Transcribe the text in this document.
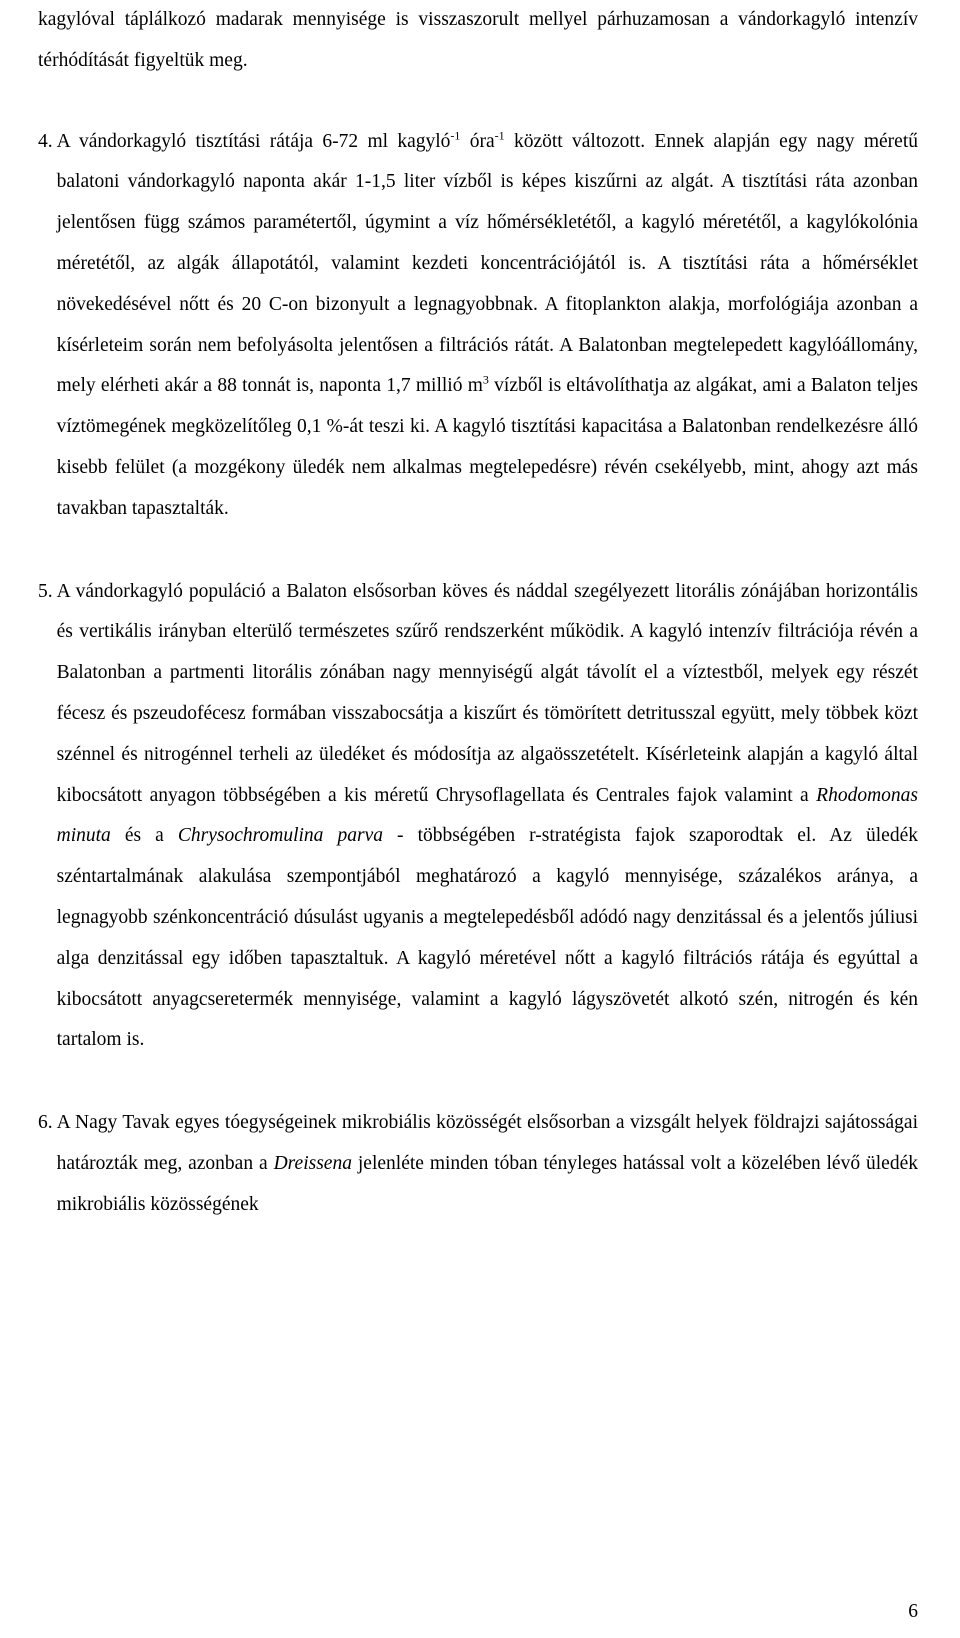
kagylóval táplálkozó madarak mennyisége is visszaszorult mellyel párhuzamosan a vándorkagyló intenzív térhódítását figyeltük meg.

4. A vándorkagyló tisztítási rátája 6-72 ml kagyló$^{-1}$ óra$^{-1}$ között változott. Ennek alapján egy nagy méretű balatoni vándorkagyló naponta akár 1-1,5 liter vízből is képes kiszűrni az algát. A tisztítási ráta azonban jelentősen függ számos paramétertől, úgymint a víz hőmérsékletétől, a kagyló méretétől, a kagylókolónia méretétől, az algák állapotától, valamint kezdeti koncentrációjától is. A tisztítási ráta a hőmérséklet növekedésével nőtt és 20 C-on bizonyult a legnagyobbnak. A fitoplankton alakja, morfológiája azonban a kísérleteim során nem befolyásolta jelentősen a filtrációs rátát. A Balatonban megtelepedett kagylóállomány, mely elérheti akár a 88 tonnát is, naponta 1,7 millió $m^3$ vízből is eltávolíthatja az algákat, ami a Balaton teljes víztömegének megközelítőleg 0,1 %-át teszi ki. A kagyló tisztítási kapacitása a Balatonban rendelkezésre álló kisebb felület (a mozgékony üledék nem alkalmas megtelepedésre) révén csekélyebb, mint, ahogy azt más tavakban tapasztalták.

5. A vándorkagyló populáció a Balaton elsősorban köves és náddal szegélyezett litorális zónájában horizontális és vertikális irányban elterülő természetes szűrő rendszerként működik. A kagyló intenzív filtrációja révén a Balatonban a partmenti litorális zónában nagy mennyiségű algát távolít el a víztestből, melyek egy részét fécesz és pszeudofécesz formában visszabocsátja a kiszűrt és tömörített detritusszal együtt, mely többek közt szénnel és nitrogénnel terheli az üledéket és módosítja az algaösszetételt. Kísérleteink alapján a kagyló által kibocsátott anyagon többségében a kis méretű Chrysoflagellata és Centrales fajok valamint a Rhodomonas minuta és a Chrysochromulina parva - többségében r-stratégista fajok szaporodtak el. Az üledék széntartalmának alakulása szempontjából meghatározó a kagyló mennyisége, százalékos aránya, a legnagyobb szénkoncentráció dúsulást ugyanis a megtelepedésből adódó nagy denzitással és a jelentős júliusi alga denzitással egy időben tapasztaltuk. A kagyló méretével nőtt a kagyló filtrációs rátája és egyúttal a kibocsátott anyagcseretermék mennyisége, valamint a kagyló lágyszövetét alkotó szén, nitrogén és kén tartalom is.

6. A Nagy Tavak egyes tóegységeinek mikrobiális közösségét elsősorban a vizsgált helyek földrajzi sajátosságai határozták meg, azonban a Dreissena jelenléte minden tóban tényleges hatással volt a közelében lévő üledék mikrobiális közösségének

6
